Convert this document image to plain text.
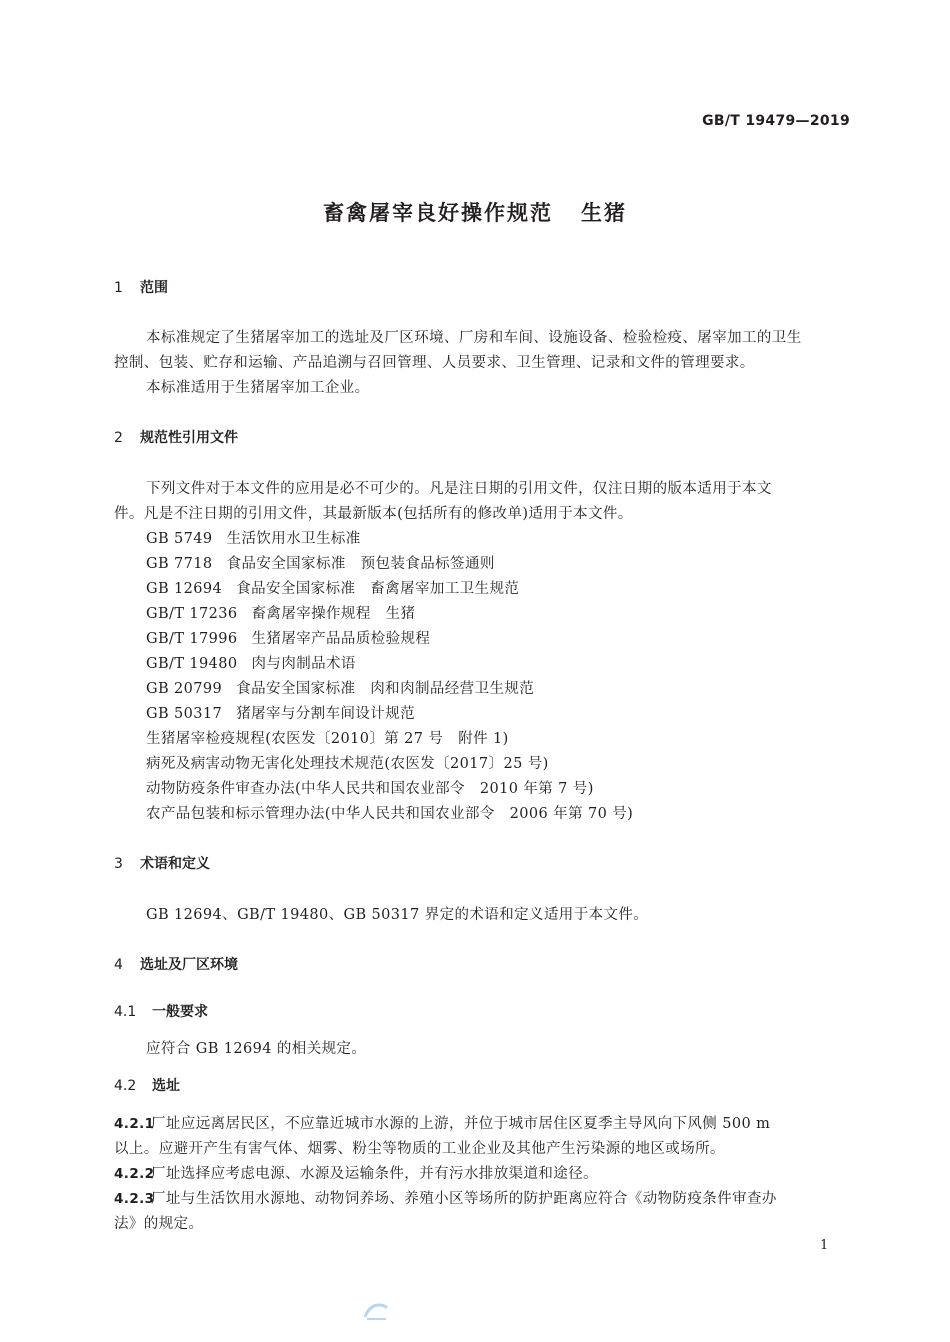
GB/T 19479—2019
畜禽屠宰良好操作规范 生猪
1 范围
本标准规定了生猪屠宰加工的选址及厂区环境、厂房和车间、设施设备、检验检疫、屠宰加工的卫生
控制、包装、贮存和运输、产品追溯与召回管理、人员要求、卫生管理、记录和文件的管理要求。
本标准适用于生猪屠宰加工企业。
2 规范性引用文件
下列文件对于本文件的应用是必不可少的。凡是注日期的引用文件，仅注日期的版本适用于本文
件。凡是不注日期的引用文件，其最新版本(包括所有的修改单)适用于本文件。
GB 5749 生活饮用水卫生标准
GB 7718 食品安全国家标准　预包装食品标签通则
GB 12694 食品安全国家标准　畜禽屠宰加工卫生规范
GB/T 17236 畜禽屠宰操作规程　生猪
GB/T 17996 生猪屠宰产品品质检验规程
GB/T 19480 肉与肉制品术语
GB 20799 食品安全国家标准　肉和肉制品经营卫生规范
GB 50317 猪屠宰与分割车间设计规范
生猪屠宰检疫规程(农医发〔2010〕第 27 号　附件 1)
病死及病害动物无害化处理技术规范(农医发〔2017〕25 号)
动物防疫条件审查办法(中华人民共和国农业部令　2010 年第 7 号)
农产品包装和标示管理办法(中华人民共和国农业部令　2006 年第 70 号)
3 术语和定义
GB 12694、GB/T 19480、GB 50317 界定的术语和定义适用于本文件。
4 选址及厂区环境
4.1 一般要求
应符合 GB 12694 的相关规定。
4.2 选址
4.2.1厂址应远离居民区，不应靠近城市水源的上游，并位于城市居住区夏季主导风向下风侧 500 m
以上。应避开产生有害气体、烟雾、粉尘等物质的工业企业及其他产生污染源的地区或场所。
4.2.2厂址选择应考虑电源、水源及运输条件，并有污水排放渠道和途径。
4.2.3厂址与生活饮用水源地、动物饲养场、养殖小区等场所的防护距离应符合《动物防疫条件审查办
法》的规定。
1
